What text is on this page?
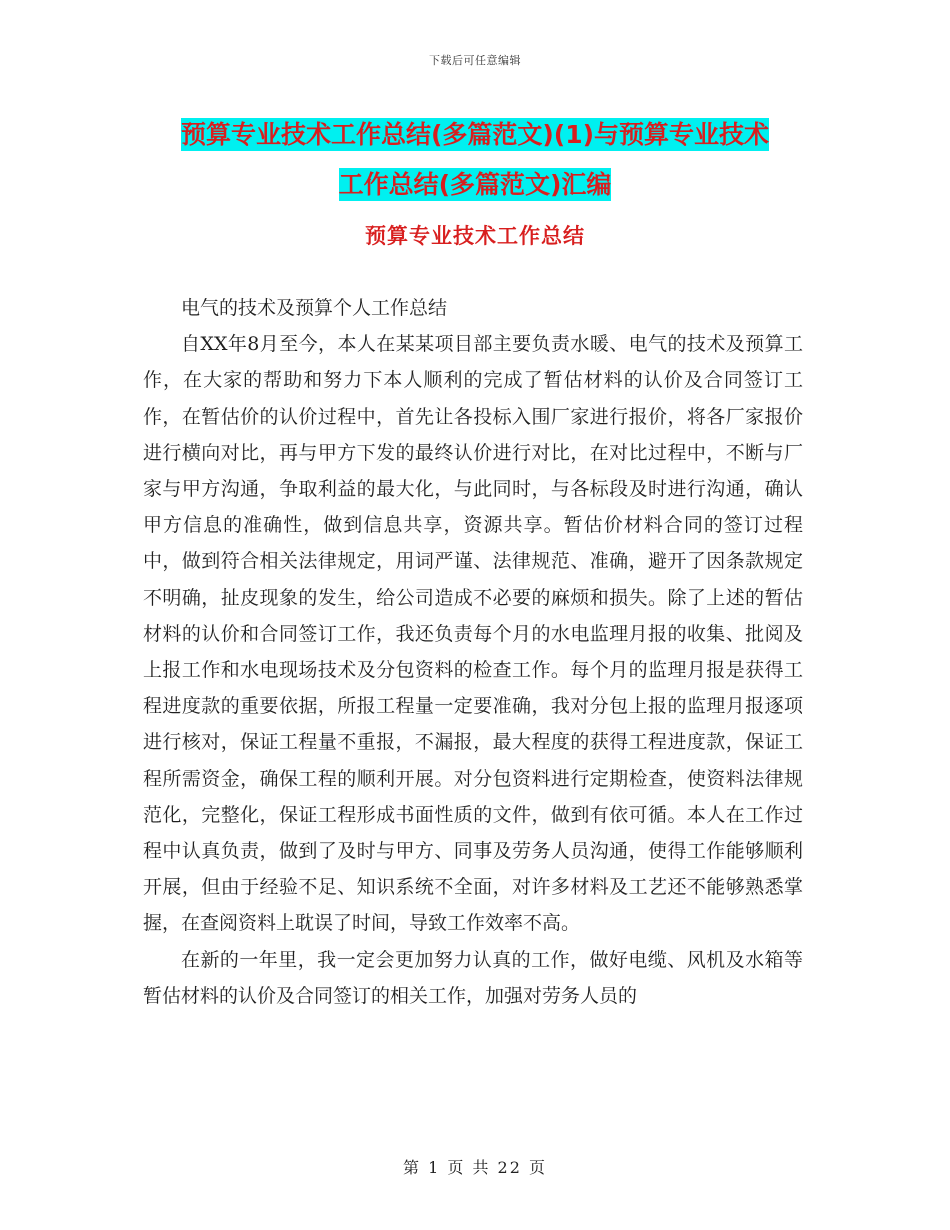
下载后可任意编辑
预算专业技术工作总结(多篇范文)(1)与预算专业技术
工作总结(多篇范文)汇编
预算专业技术工作总结

电气的技术及预算个人工作总结

自XX年8月至今，本人在某某项目部主要负责水暖、电气的技术及预算工作，在大家的帮助和努力下本人顺利的完成了暂估材料的认价及合同签订工作，在暂估价的认价过程中，首先让各投标入围厂家进行报价，将各厂家报价进行横向对比，再与甲方下发的最终认价进行对比，在对比过程中，不断与厂家与甲方沟通，争取利益的最大化，与此同时，与各标段及时进行沟通，确认甲方信息的准确性，做到信息共享，资源共享。暂估价材料合同的签订过程中，做到符合相关法律规定，用词严谨、法律规范、准确，避开了因条款规定不明确，扯皮现象的发生，给公司造成不必要的麻烦和损失。除了上述的暂估材料的认价和合同签订工作，我还负责每个月的水电监理月报的收集、批阅及上报工作和水电现场技术及分包资料的检查工作。每个月的监理月报是获得工程进度款的重要依据，所报工程量一定要准确，我对分包上报的监理月报逐项进行核对，保证工程量不重报，不漏报，最大程度的获得工程进度款，保证工程所需资金，确保工程的顺利开展。对分包资料进行定期检查，使资料法律规范化，完整化，保证工程形成书面性质的文件，做到有依可循。本人在工作过程中认真负责，做到了及时与甲方、同事及劳务人员沟通，使得工作能够顺利开展，但由于经验不足、知识系统不全面，对许多材料及工艺还不能够熟悉掌握，在查阅资料上耽误了时间，导致工作效率不高。

在新的一年里，我一定会更加努力认真的工作，做好电缆、风机及水箱等暂估材料的认价及合同签订的相关工作，加强对劳务人员的

第 1 页 共 22 页
